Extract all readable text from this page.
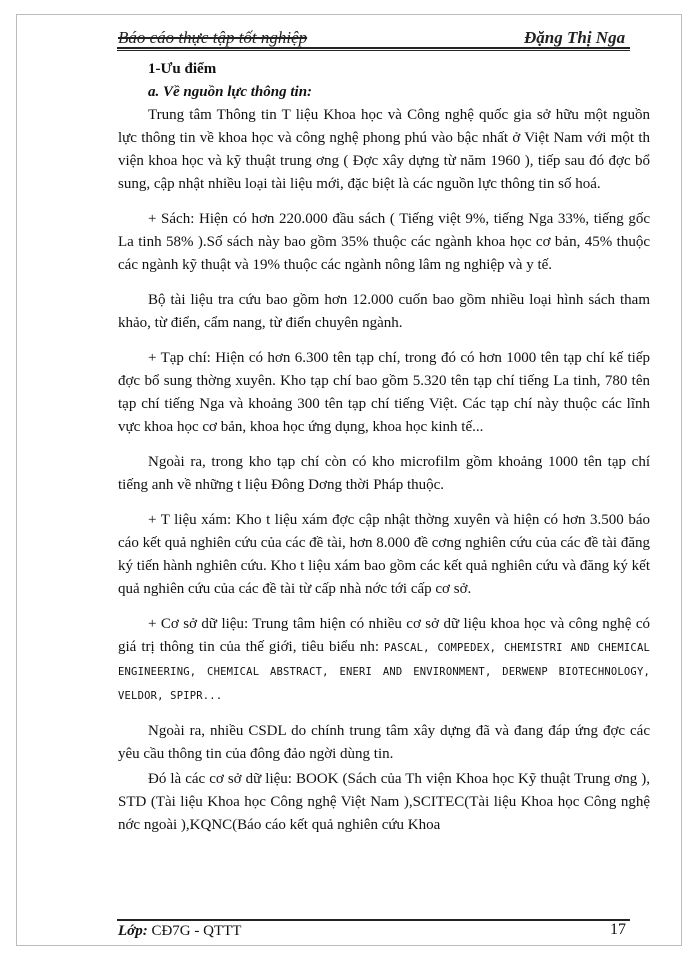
Báo cáo thực tập tốt nghiệp	Đặng Thị Nga
1-Ưu điểm
a. Về nguồn lực thông tin:

Trung tâm Thông tin T liệu Khoa học và Công nghệ quốc gia sở hữu một nguồn lực thông tin về khoa học và công nghệ phong phú vào bậc nhất ở Việt Nam với một th viện khoa học và kỹ thuật trung ơng ( Đợc xây dựng từ năm 1960 ), tiếp sau đó đợc bổ sung, cập nhật nhiều loại tài liệu mới, đặc biệt là các nguồn lực thông tin số hoá.

+ Sách: Hiện có hơn 220.000 đầu sách ( Tiếng việt 9%, tiếng Nga 33%, tiếng gốc La tinh 58% ).Số sách này bao gồm 35% thuộc các ngành khoa học cơ bản, 45% thuộc các ngành kỹ thuật và 19% thuộc các ngành nông lâm ng nghiệp và y tế.

Bộ tài liệu tra cứu bao gồm hơn 12.000 cuốn bao gồm nhiều loại hình sách tham khảo, từ điển, cẩm nang, từ điển chuyên ngành.

+ Tạp chí: Hiện có hơn 6.300 tên tạp chí, trong đó có hơn 1000 tên tạp chí kế tiếp đợc bổ sung thờng xuyên. Kho tạp chí bao gồm 5.320 tên tạp chí tiếng La tinh, 780 tên tạp chí tiếng Nga và khoảng 300 tên tạp chí tiếng Việt. Các tạp chí này thuộc các lĩnh vực khoa học cơ bản, khoa học ứng dụng, khoa học kinh tế...

Ngoài ra, trong kho tạp chí còn có kho microfilm gồm khoảng 1000 tên tạp chí tiếng anh về những t liệu Đông Dơng thời Pháp thuộc.

+ T liệu xám: Kho t liệu xám đợc cập nhật thờng xuyên và hiện có hơn 3.500 báo cáo kết quả nghiên cứu của các đề tài, hơn 8.000 đề cơng nghiên cứu của các đề tài đăng ký tiến hành nghiên cứu. Kho t liệu xám bao gồm các kết quả nghiên cứu và đăng ký kết quả nghiên cứu của các đề tài từ cấp nhà nớc tới cấp cơ sở.

+ Cơ sở dữ liệu: Trung tâm hiện có nhiều cơ sở dữ liệu khoa học và công nghệ có giá trị thông tin của thế giới, tiêu biểu nh: PASCAL, COMPEDEX, CHEMISTRI AND CHEMICAL ENGINEERING, CHEMICAL ABSTRACT, ENERI AND ENVIRONMENT, DERWENP BIOTECHNOLOGY, VELDOR, SPIPR...

Ngoài ra, nhiều CSDL do chính trung tâm xây dựng đã và đang đáp ứng đợc các yêu cầu thông tin của đông đảo ngời dùng tin.

Đó là các cơ sở dữ liệu: BOOK (Sách của Th viện Khoa học Kỹ thuật Trung ơng ), STD (Tài liệu Khoa học Công nghệ Việt Nam ),SCITEC(Tài liệu Khoa học Công nghệ nớc ngoài ),KQNC(Báo cáo kết quả nghiên cứu Khoa

Lớp: CĐ7G - QTTT	17
